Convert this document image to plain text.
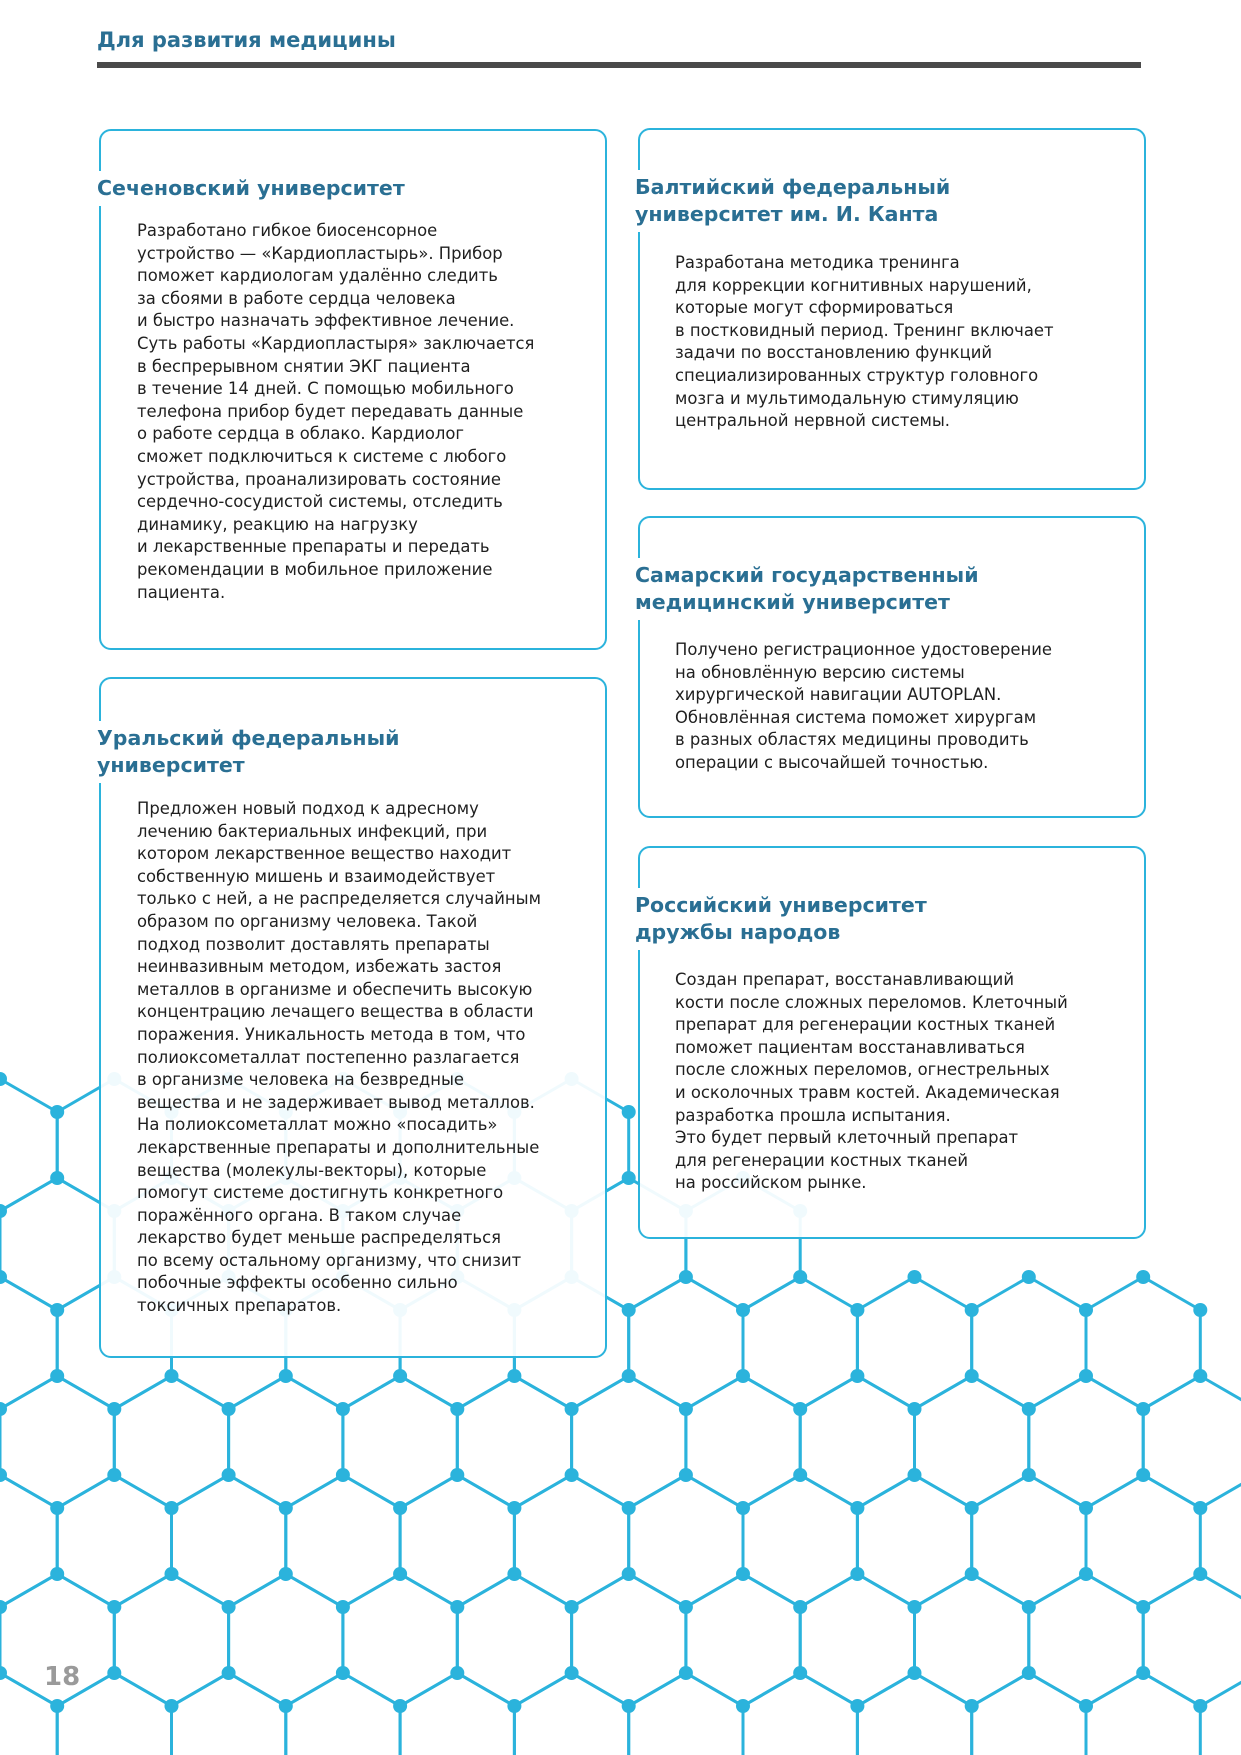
Для развития медицины
Сеченовский университет
Разработано гибкое биосенсорное
устройство — «Кардиопластырь». Прибор
поможет кардиологам удалённо следить
за сбоями в работе сердца человека
и быстро назначать эффективное лечение.
Суть работы «Кардиопластыря» заключается
в беспрерывном снятии ЭКГ пациента
в течение 14 дней. С помощью мобильного
телефона прибор будет передавать данные
о работе сердца в облако. Кардиолог
сможет подключиться к системе с любого
устройства, проанализировать состояние
сердечно-сосудистой системы, отследить
динамику, реакцию на нагрузку
и лекарственные препараты и передать
рекомендации в мобильное приложение
пациента.
Балтийский федеральный
университет им. И. Канта
Разработана методика тренинга
для коррекции когнитивных нарушений,
которые могут сформироваться
в постковидный период. Тренинг включает
задачи по восстановлению функций
специализированных структур головного
мозга и мультимодальную стимуляцию
центральной нервной системы.
Самарский государственный
медицинский университет
Получено регистрационное удостоверение
на обновлённую версию системы
хирургической навигации AUTOPLAN.
Обновлённая система поможет хирургам
в разных областях медицины проводить
операции с высочайшей точностью.
Уральский федеральный
университет
Предложен новый подход к адресному
лечению бактериальных инфекций, при
котором лекарственное вещество находит
собственную мишень и взаимодействует
только с ней, а не распределяется случайным
образом по организму человека. Такой
подход позволит доставлять препараты
неинвазивным методом, избежать застоя
металлов в организме и обеспечить высокую
концентрацию лечащего вещества в области
поражения. Уникальность метода в том, что
полиоксометаллат постепенно разлагается
в организме человека на безвредные
вещества и не задерживает вывод металлов.
На полиоксометаллат можно «посадить»
лекарственные препараты и дополнительные
вещества (молекулы-векторы), которые
помогут системе достигнуть конкретного
поражённого органа. В таком случае
лекарство будет меньше распределяться
по всему остальному организму, что снизит
побочные эффекты особенно сильно
токсичных препаратов.
Российский университет
дружбы народов
Создан препарат, восстанавливающий
кости после сложных переломов. Клеточный
препарат для регенерации костных тканей
поможет пациентам восстанавливаться
после сложных переломов, огнестрельных
и осколочных травм костей. Академическая
разработка прошла испытания.
Это будет первый клеточный препарат
для регенерации костных тканей
на российском рынке.
18
